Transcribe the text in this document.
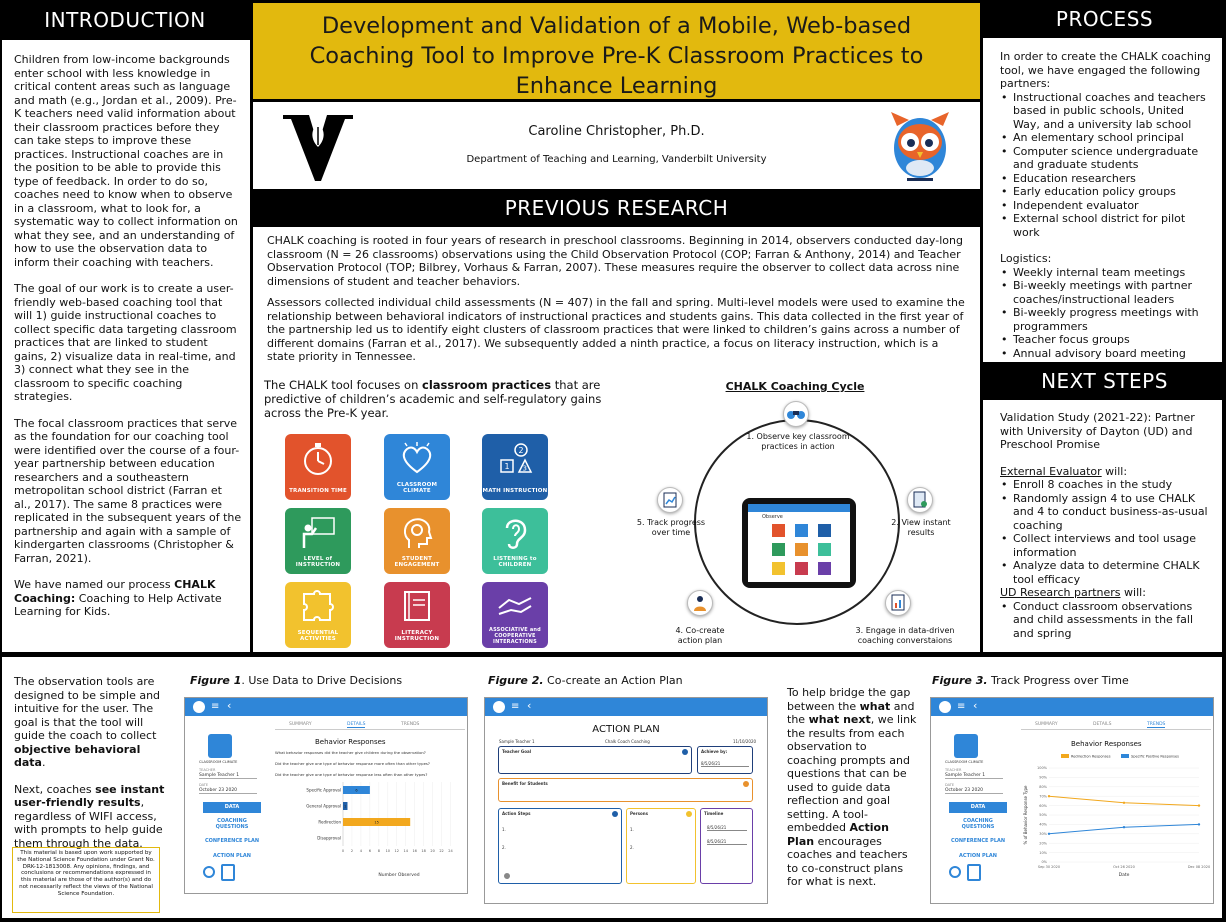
INTRODUCTION

Children from low-income backgrounds enter school with less knowledge in critical content areas such as language and math (e.g., Jordan et al., 2009). Pre-K teachers need valid information about their classroom practices before they can take steps to improve these practices. Instructional coaches are in the position to be able to provide this type of feedback. In order to do so, coaches need to know when to observe in a classroom, what to look for, a systematic way to collect information on what they see, and an understanding of how to use the observation data to inform their coaching with teachers.

The goal of our work is to create a user-friendly web-based coaching tool that will 1) guide instructional coaches to collect specific data targeting classroom practices that are linked to student gains, 2) visualize data in real-time, and 3) connect what they see in the classroom to specific coaching strategies.

The focal classroom practices that serve as the foundation for our coaching tool were identified over the course of a four-year partnership between education researchers and a southeastern metropolitan school district (Farran et al., 2017). The same 8 practices were replicated in the subsequent years of the partnership and again with a sample of kindergarten classrooms (Christopher & Farran, 2021).

We have named our process CHALK Coaching: Coaching to Help Activate Learning for Kids.

Development and Validation of a Mobile, Web-based Coaching Tool to Improve Pre-K Classroom Practices to Enhance Learning
Caroline Christopher, Ph.D.
Department of Teaching and Learning, Vanderbilt University
PREVIOUS RESEARCH

CHALK coaching is rooted in four years of research in preschool classrooms. Beginning in 2014, observers conducted day-long classroom (N = 26 classrooms) observations using the Child Observation Protocol (COP; Farran & Anthony, 2014) and Teacher Observation Protocol (TOP; Bilbrey, Vorhaus & Farran, 2007). These measures require the observer to collect data across nine dimensions of student and teacher behaviors.

Assessors collected individual child assessments (N = 407) in the fall and spring. Multi-level models were used to examine the relationship between behavioral indicators of instructional practices and students gains. This data collected in the first year of the partnership led us to identify eight clusters of classroom practices that were linked to children’s gains across a number of different domains (Farran et al., 2017). We subsequently added a ninth practice, a focus on literacy instruction, which is a state priority in Tennessee.

The CHALK tool focuses on classroom practices that are predictive of children’s academic and self-regulatory gains across the Pre-K year.
TRANSITION TIME
CLASSROOM CLIMATE
2
1 3
MATH INSTRUCTION
LEVEL of INSTRUCTION
STUDENT ENGAGEMENT
LISTENING to CHILDREN
SEQUENTIAL ACTIVITIES
LITERACY INSTRUCTION
ASSOCIATIVE and COOPERATIVE INTERACTIONS
CHALK Coaching Cycle
1. Observe key classroom practices in action
2. View instant results
3. Engage in data-driven coaching converstaions
4. Co-create action plan
5. Track progress over time
Observe
PROCESS
In order to create the CHALK coaching tool, we have engaged the following partners:
• Instructional coaches and teachers based in public schools, United Way, and a university lab school
• An elementary school principal
• Computer science undergraduate and graduate students
• Education researchers
• Early education policy groups
• Independent evaluator
• External school district for pilot work
Logistics:
• Weekly internal team meetings
• Bi-weekly meetings with partner coaches/instructional leaders
• Bi-weekly progress meetings with programmers
• Teacher focus groups
• Annual advisory board meeting
NEXT STEPS
Validation Study (2021-22): Partner with University of Dayton (UD) and Preschool Promise
External Evaluator will:
• Enroll 8 coaches in the study
• Randomly assign 4 to use CHALK and 4 to conduct business-as-usual coaching
• Collect interviews and tool usage information
• Analyze data to determine CHALK tool efficacy
UD Research partners will:
• Conduct classroom observations and child assessments in the fall and spring

The observation tools are designed to be simple and intuitive for the user. The goal is that the tool will guide the coach to collect objective behavioral data.

Next, coaches see instant user-friendly results, regardless of WIFI access, with prompts to help guide them through the data.

This material is based upon work supported by the National Science Foundation under Grant No. DRK-12-1813008. Any opinions, findings, and conclusions or recommendations expressed in this material are those of the author(s) and do not necessarily reflect the views of the National Science Foundation.
Figure 1. Use Data to Drive Decisions
≡ ‹
CLASSROOM CLIMATE
TEACHER
Sample Teacher 1
DATE
October 23 2020
DATA
COACHING QUESTIONS
CONFERENCE PLAN
ACTION PLAN
SUMMARY	DETAILS	TRENDS
Behavior Responses
What behavior responses did the teacher give children during the observation?
Did the teacher give one type of behavior response more often than other types?
Did the teacher give one type of behavior response less often than other types?
0 2 4 6 8 10 12 14 16 18 20 22 24
Specific Approval	6
General Approval 1
Redirection	15
Disapproval
Number Observed
Figure 2. Co-create an Action Plan
≡ ‹
ACTION PLAN
Sample Teacher 1	Chalk Coach Coaching	11/10/2020
Teacher Goal	Achieve by:
8/5/26/21
Benefit for Students
Action Steps
1.
2.
Persons
1.
2.
Timeline
8/5/26/21
8/5/26/21
To help bridge the gap between the what and the what next, we link the results from each observation to coaching prompts and questions that can be used to guide data reflection and goal setting. A tool-embedded Action Plan encourages coaches and teachers to co-construct plans for what is next.
Figure 3. Track Progress over Time
≡ ‹
CLASSROOM CLIMATE
TEACHER
Sample Teacher 1
DATE
October 23 2020
DATA
COACHING QUESTIONS
CONFERENCE PLAN
ACTION PLAN
SUMMARY	DETAILS	TRENDS
Behavior Responses
0%
10%
20%
30%
40%
50%
60%
70%
80%
90%
100%
Redirection Responses	Specific Positive Responses
Sep 30 2020	Oct 26 2020	Dec 08 2020
Date
% of Behavior Response Type
